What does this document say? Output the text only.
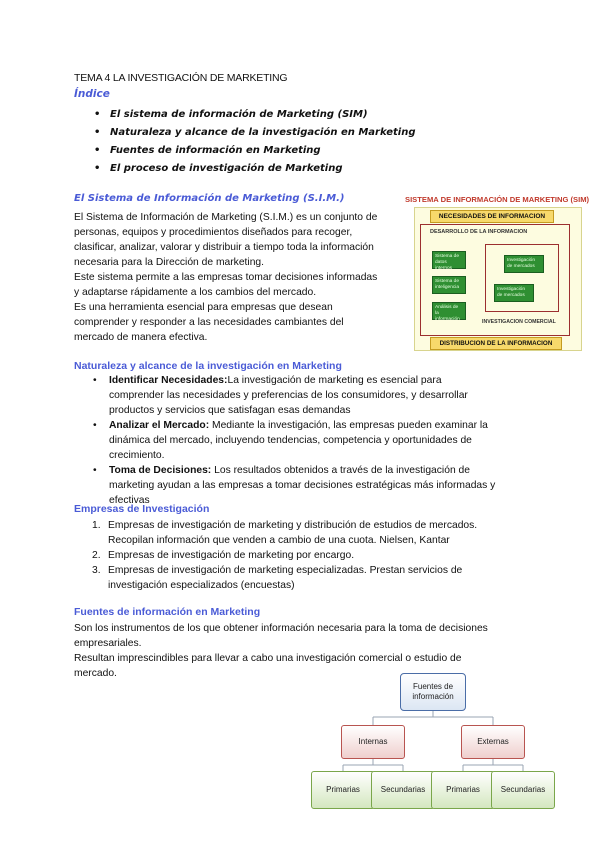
TEMA 4 LA INVESTIGACIÓN DE MARKETING
Índice
• El sistema de información de Marketing (SIM)
• Naturaleza y alcance de la investigación en Marketing
• Fuentes de información en Marketing
• El proceso de investigación de Marketing
El Sistema de Información de Marketing (S.I.M.)
El Sistema de Información de Marketing (S.I.M.) es un conjunto de
personas, equipos y procedimientos diseñados para recoger,
clasificar, analizar, valorar y distribuir a tiempo toda la información
necesaria para la Dirección de marketing.
Este sistema permite a las empresas tomar decisiones informadas
y adaptarse rápidamente a los cambios del mercado.
Es una herramienta esencial para empresas que desean
comprender y responder a las necesidades cambiantes del
mercado de manera efectiva.
SISTEMA DE INFORMACIÓN DE MARKETING (SIM)
NECESIDADES DE INFORMACION
DESARROLLO DE LA INFORMACION
Sistema de datos internos
Sistema de inteligencia
Análisis de la información
Investigación de mercados
Investigación de mercados
INVESTIGACION COMERCIAL
DISTRIBUCION DE LA INFORMACION
Naturaleza y alcance de la investigación en Marketing
• Identificar Necesidades:La investigación de marketing es esencial para
comprender las necesidades y preferencias de los consumidores, y desarrollar
productos y servicios que satisfagan esas demandas
• Analizar el Mercado: Mediante la investigación, las empresas pueden examinar la
dinámica del mercado, incluyendo tendencias, competencia y oportunidades de
crecimiento.
• Toma de Decisiones: Los resultados obtenidos a través de la investigación de
marketing ayudan a las empresas a tomar decisiones estratégicas más informadas y
efectivas
Empresas de Investigación
1. Empresas de investigación de marketing y distribución de estudios de mercados.
Recopilan información que venden a cambio de una cuota. Nielsen, Kantar
2. Empresas de investigación de marketing por encargo.
3. Empresas de investigación de marketing especializadas. Prestan servicios de
investigación especializados (encuestas)
Fuentes de información en Marketing
Son los instrumentos de los que obtener información necesaria para la toma de decisiones
empresariales.
Resultan imprescindibles para llevar a cabo una investigación comercial o estudio de
mercado.
Fuentes de
información
Internas	Externas
Primarias	Secundarias	Primarias	Secundarias
